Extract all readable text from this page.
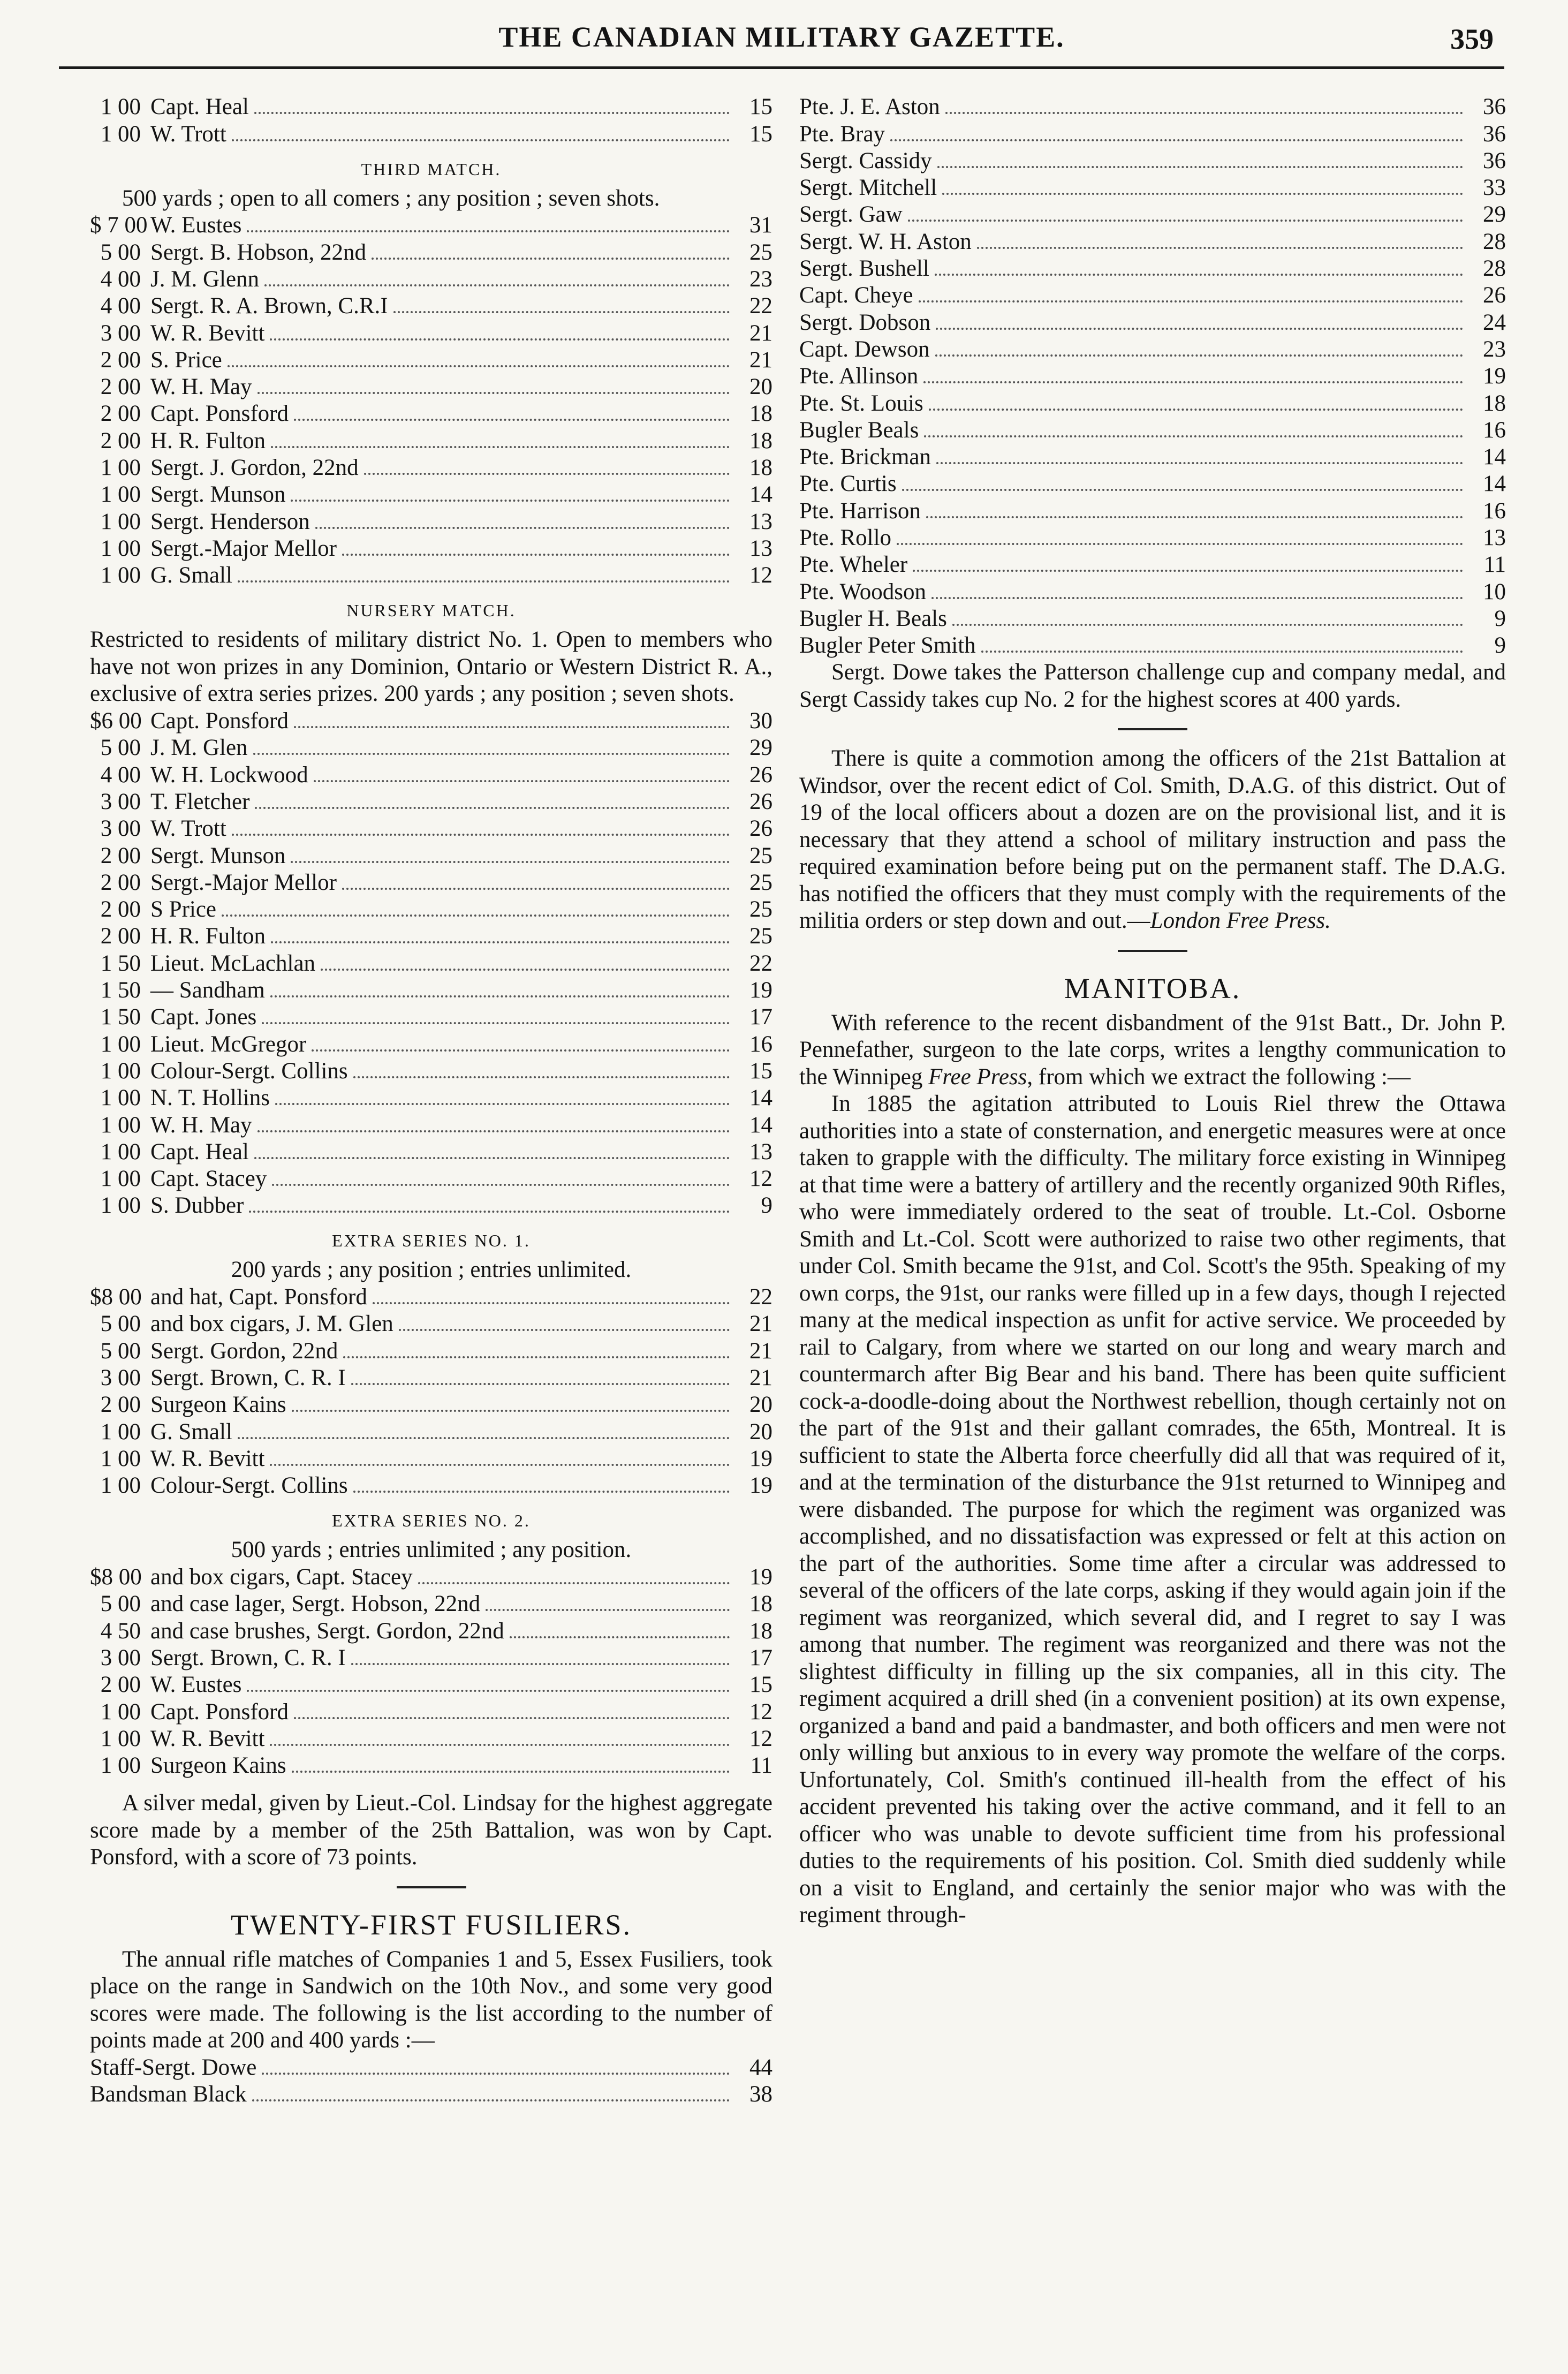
THE CANADIAN MILITARY GAZETTE.	359
1 00 Capt. Heal	15
1 00 W. Trott	15
THIRD MATCH.

500 yards ; open to all comers ; any position ; seven shots.

$ 7 00 W. Eustes	31
5 00 Sergt. B. Hobson, 22nd	25
4 00 J. M. Glenn	23
4 00 Sergt. R. A. Brown, C.R.I	22
3 00 W. R. Bevitt	21
2 00 S. Price	21
2 00 W. H. May	20
2 00 Capt. Ponsford	18
2 00 H. R. Fulton	18
1 00 Sergt. J. Gordon, 22nd	18
1 00 Sergt. Munson	14
1 00 Sergt. Henderson	13
1 00 Sergt.-Major Mellor	13
1 00 G. Small	12
NURSERY MATCH.

Restricted to residents of military district No. 1. Open to members who have not won prizes in any Dominion, Ontario or Western District R. A., exclusive of extra series prizes. 200 yards ; any position ; seven shots.

$6 00 Capt. Ponsford	30
5 00 J. M. Glen	29
4 00 W. H. Lockwood	26
3 00 T. Fletcher	26
3 00 W. Trott	26
2 00 Sergt. Munson	25
2 00 Sergt.-Major Mellor	25
2 00 S Price	25
2 00 H. R. Fulton	25
1 50 Lieut. McLachlan	22
1 50 — Sandham	19
1 50 Capt. Jones	17
1 00 Lieut. McGregor	16
1 00 Colour-Sergt. Collins	15
1 00 N. T. Hollins	14
1 00 W. H. May	14
1 00 Capt. Heal	13
1 00 Capt. Stacey	12
1 00 S. Dubber	9
EXTRA SERIES NO. 1.

200 yards ; any position ; entries unlimited.

$8 00 and hat, Capt. Ponsford	22
5 00 and box cigars, J. M. Glen	21
5 00 Sergt. Gordon, 22nd	21
3 00 Sergt. Brown, C. R. I	21
2 00 Surgeon Kains	20
1 00 G. Small	20
1 00 W. R. Bevitt	19
1 00 Colour-Sergt. Collins	19
EXTRA SERIES NO. 2.

500 yards ; entries unlimited ; any position.

$8 00 and box cigars, Capt. Stacey	19
5 00 and case lager, Sergt. Hobson, 22nd	18
4 50 and case brushes, Sergt. Gordon, 22nd	18
3 00 Sergt. Brown, C. R. I	17
2 00 W. Eustes	15
1 00 Capt. Ponsford	12
1 00 W. R. Bevitt	12
1 00 Surgeon Kains	11

A silver medal, given by Lieut.-Col. Lindsay for the highest aggregate score made by a member of the 25th Battalion, was won by Capt. Ponsford, with a score of 73 points.

TWENTY-FIRST FUSILIERS.

The annual rifle matches of Companies 1 and 5, Essex Fusiliers, took place on the range in Sandwich on the 10th Nov., and some very good scores were made. The following is the list according to the number of points made at 200 and 400 yards :—

Staff-Sergt. Dowe	44
Bandsman Black	38
Pte. J. E. Aston	36
Pte. Bray	36
Sergt. Cassidy	36
Sergt. Mitchell	33
Sergt. Gaw	29
Sergt. W. H. Aston	28
Sergt. Bushell	28
Capt. Cheye	26
Sergt. Dobson	24
Capt. Dewson	23
Pte. Allinson	19
Pte. St. Louis	18
Bugler Beals	16
Pte. Brickman	14
Pte. Curtis	14
Pte. Harrison	16
Pte. Rollo	13
Pte. Wheler	11
Pte. Woodson	10
Bugler H. Beals	9
Bugler Peter Smith	9

Sergt. Dowe takes the Patterson challenge cup and company medal, and Sergt Cassidy takes cup No. 2 for the highest scores at 400 yards.

There is quite a commotion among the officers of the 21st Battalion at Windsor, over the recent edict of Col. Smith, D.A.G. of this district. Out of 19 of the local officers about a dozen are on the provisional list, and it is necessary that they attend a school of military instruction and pass the required examination before being put on the permanent staff. The D.A.G. has notified the officers that they must comply with the requirements of the militia orders or step down and out.—London Free Press.

MANITOBA.

With reference to the recent disbandment of the 91st Batt., Dr. John P. Pennefather, surgeon to the late corps, writes a lengthy communication to the Winnipeg Free Press, from which we extract the following :—

In 1885 the agitation attributed to Louis Riel threw the Ottawa authorities into a state of consternation, and energetic measures were at once taken to grapple with the difficulty. The military force existing in Winnipeg at that time were a battery of artillery and the recently organized 90th Rifles, who were immediately ordered to the seat of trouble. Lt.-Col. Osborne Smith and Lt.-Col. Scott were authorized to raise two other regiments, that under Col. Smith became the 91st, and Col. Scott's the 95th. Speaking of my own corps, the 91st, our ranks were filled up in a few days, though I rejected many at the medical inspection as unfit for active service. We proceeded by rail to Calgary, from where we started on our long and weary march and countermarch after Big Bear and his band. There has been quite sufficient cock-a-doodle-doing about the Northwest rebellion, though certainly not on the part of the 91st and their gallant comrades, the 65th, Montreal. It is sufficient to state the Alberta force cheerfully did all that was required of it, and at the termination of the disturbance the 91st returned to Winnipeg and were disbanded. The purpose for which the regiment was organized was accomplished, and no dissatisfaction was expressed or felt at this action on the part of the authorities. Some time after a circular was addressed to several of the officers of the late corps, asking if they would again join if the regiment was reorganized, which several did, and I regret to say I was among that number. The regiment was reorganized and there was not the slightest difficulty in filling up the six companies, all in this city. The regiment acquired a drill shed (in a convenient position) at its own expense, organized a band and paid a bandmaster, and both officers and men were not only willing but anxious to in every way promote the welfare of the corps. Unfortunately, Col. Smith's continued ill-health from the effect of his accident prevented his taking over the active command, and it fell to an officer who was unable to devote sufficient time from his professional duties to the requirements of his position. Col. Smith died suddenly while on a visit to England, and certainly the senior major who was with the regiment through-
